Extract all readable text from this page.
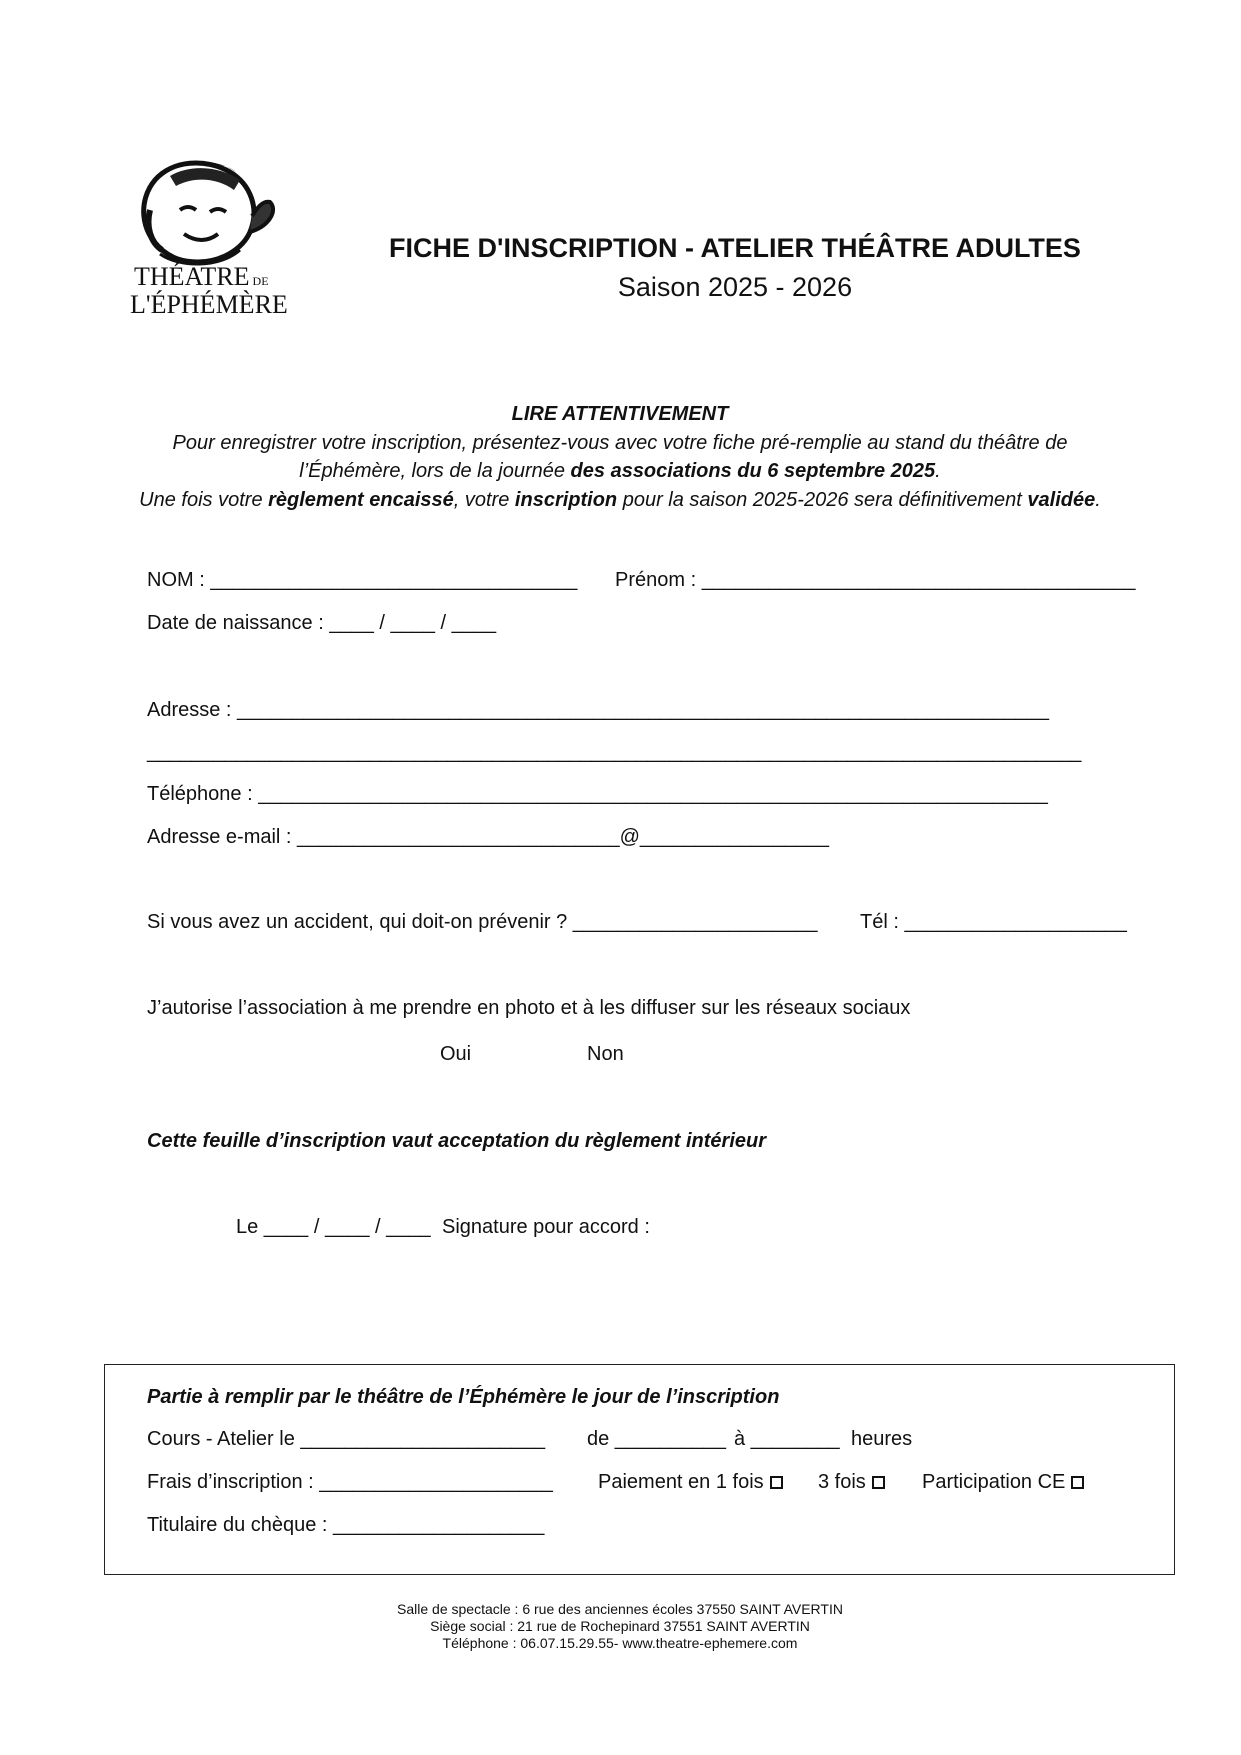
THÉATRE DE
L'ÉPHÉMÈRE
FICHE D'INSCRIPTION - ATELIER THÉÂTRE ADULTES
Saison 2025 - 2026
LIRE ATTENTIVEMENT
Pour enregistrer votre inscription, présentez-vous avec votre fiche pré-remplie au stand du théâtre de
l’Éphémère, lors de la journée des associations du 6 septembre 2025.
Une fois votre règlement encaissé, votre inscription pour la saison 2025-2026 sera définitivement validée.
NOM : _________________________________ Prénom : _______________________________________
Date de naissance : ____ / ____ / ____
Adresse : _________________________________________________________________________
____________________________________________________________________________________
Téléphone : _______________________________________________________________________
Adresse e-mail : _____________________________@_________________
Si vous avez un accident, qui doit-on prévenir ? ______________________ Tél : ____________________
J’autorise l’association à me prendre en photo et à les diffuser sur les réseaux sociaux
Oui	Non
Cette feuille d’inscription vaut acceptation du règlement intérieur
Le ____ / ____ / ____ Signature pour accord :
Partie à remplir par le théâtre de l’Éphémère le jour de l’inscription
Cours - Atelier le ______________________ de __________ à ________ heures
Frais d’inscription : _____________________ Paiement en 1 fois	3 fois	Participation CE
Titulaire du chèque : ___________________
Salle de spectacle : 6 rue des anciennes écoles 37550 SAINT AVERTIN
Siège social : 21 rue de Rochepinard 37551 SAINT AVERTIN
Téléphone : 06.07.15.29.55- www.theatre-ephemere.com
